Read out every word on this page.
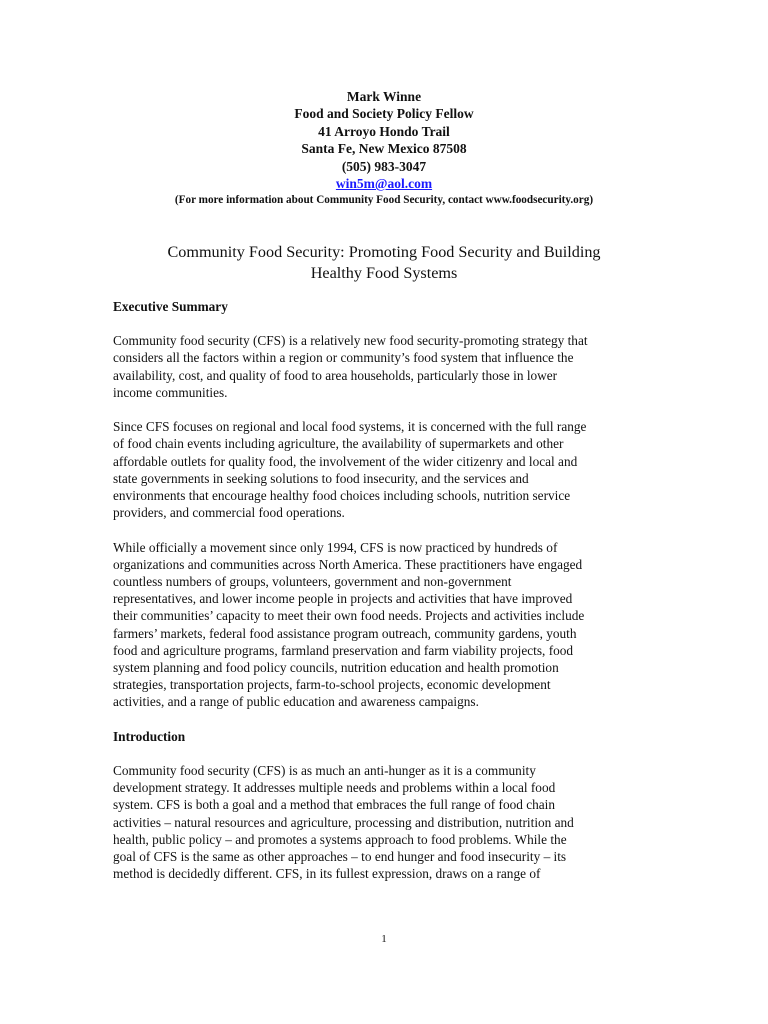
Mark Winne
Food and Society Policy Fellow
41 Arroyo Hondo Trail
Santa Fe, New Mexico 87508
(505) 983-3047
win5m@aol.com
(For more information about Community Food Security, contact www.foodsecurity.org)
Community Food Security: Promoting Food Security and Building
Healthy Food Systems
Executive Summary

Community food security (CFS) is a relatively new food security-promoting strategy that
considers all the factors within a region or community’s food system that influence the
availability, cost, and quality of food to area households, particularly those in lower
income communities.

Since CFS focuses on regional and local food systems, it is concerned with the full range
of food chain events including agriculture, the availability of supermarkets and other
affordable outlets for quality food, the involvement of the wider citizenry and local and
state governments in seeking solutions to food insecurity, and the services and
environments that encourage healthy food choices including schools, nutrition service
providers, and commercial food operations.

While officially a movement since only 1994, CFS is now practiced by hundreds of
organizations and communities across North America. These practitioners have engaged
countless numbers of groups, volunteers, government and non-government
representatives, and lower income people in projects and activities that have improved
their communities’ capacity to meet their own food needs. Projects and activities include
farmers’ markets, federal food assistance program outreach, community gardens, youth
food and agriculture programs, farmland preservation and farm viability projects, food
system planning and food policy councils, nutrition education and health promotion
strategies, transportation projects, farm-to-school projects, economic development
activities, and a range of public education and awareness campaigns.

Introduction

Community food security (CFS) is as much an anti-hunger as it is a community
development strategy. It addresses multiple needs and problems within a local food
system. CFS is both a goal and a method that embraces the full range of food chain
activities – natural resources and agriculture, processing and distribution, nutrition and
health, public policy – and promotes a systems approach to food problems. While the
goal of CFS is the same as other approaches – to end hunger and food insecurity – its
method is decidedly different. CFS, in its fullest expression, draws on a range of

1
